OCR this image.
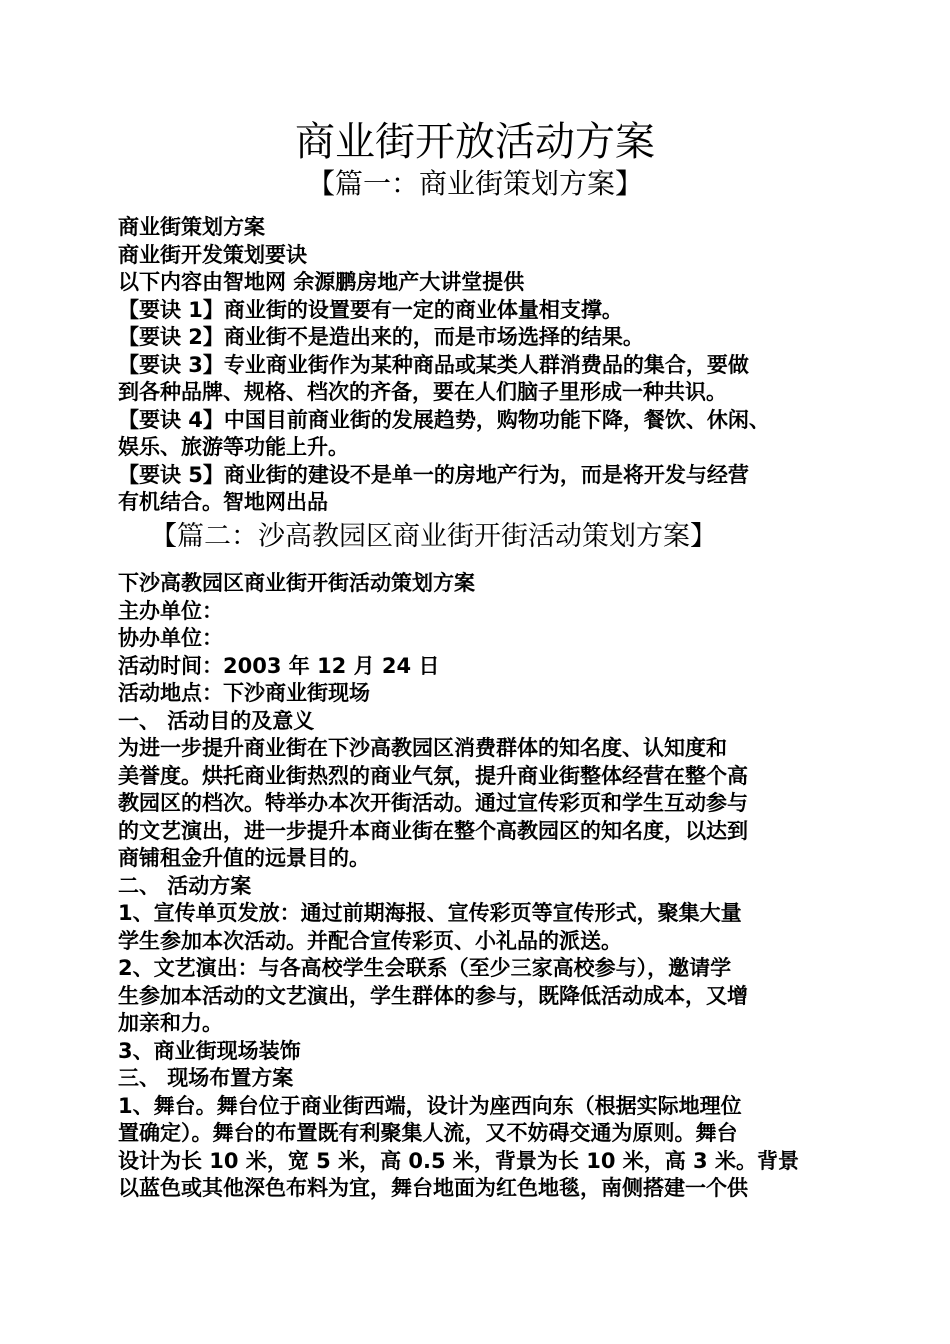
商业街开放活动方案
【篇一：商业街策划方案】
商业街策划方案
商业街开发策划要诀
以下内容由智地网 余源鹏房地产大讲堂提供
【要诀 1】商业街的设置要有一定的商业体量相支撑。
【要诀 2】商业街不是造出来的，而是市场选择的结果。
【要诀 3】专业商业街作为某种商品或某类人群消费品的集合，要做
到各种品牌、规格、档次的齐备，要在人们脑子里形成一种共识。
【要诀 4】中国目前商业街的发展趋势，购物功能下降，餐饮、休闲、
娱乐、旅游等功能上升。
【要诀 5】商业街的建设不是单一的房地产行为，而是将开发与经营
有机结合。智地网出品
【篇二：沙高教园区商业街开街活动策划方案】
下沙高教园区商业街开街活动策划方案
主办单位：
协办单位：
活动时间：2003 年 12 月 24 日
活动地点：下沙商业街现场
一、 活动目的及意义
为进一步提升商业街在下沙高教园区消费群体的知名度、认知度和
美誉度。烘托商业街热烈的商业气氛，提升商业街整体经营在整个高
教园区的档次。特举办本次开街活动。通过宣传彩页和学生互动参与
的文艺演出，进一步提升本商业街在整个高教园区的知名度，以达到
商铺租金升值的远景目的。
二、 活动方案
1、宣传单页发放：通过前期海报、宣传彩页等宣传形式，聚集大量
学生参加本次活动。并配合宣传彩页、小礼品的派送。
2、文艺演出：与各高校学生会联系（至少三家高校参与），邀请学
生参加本活动的文艺演出，学生群体的参与，既降低活动成本，又增
加亲和力。
3、商业街现场装饰
三、 现场布置方案
1、舞台。舞台位于商业街西端，设计为座西向东（根据实际地理位
置确定）。舞台的布置既有利聚集人流，又不妨碍交通为原则。舞台
设计为长 10 米，宽 5 米，高 0.5 米，背景为长 10 米，高 3 米。背景
以蓝色或其他深色布料为宜，舞台地面为红色地毯，南侧搭建一个供
